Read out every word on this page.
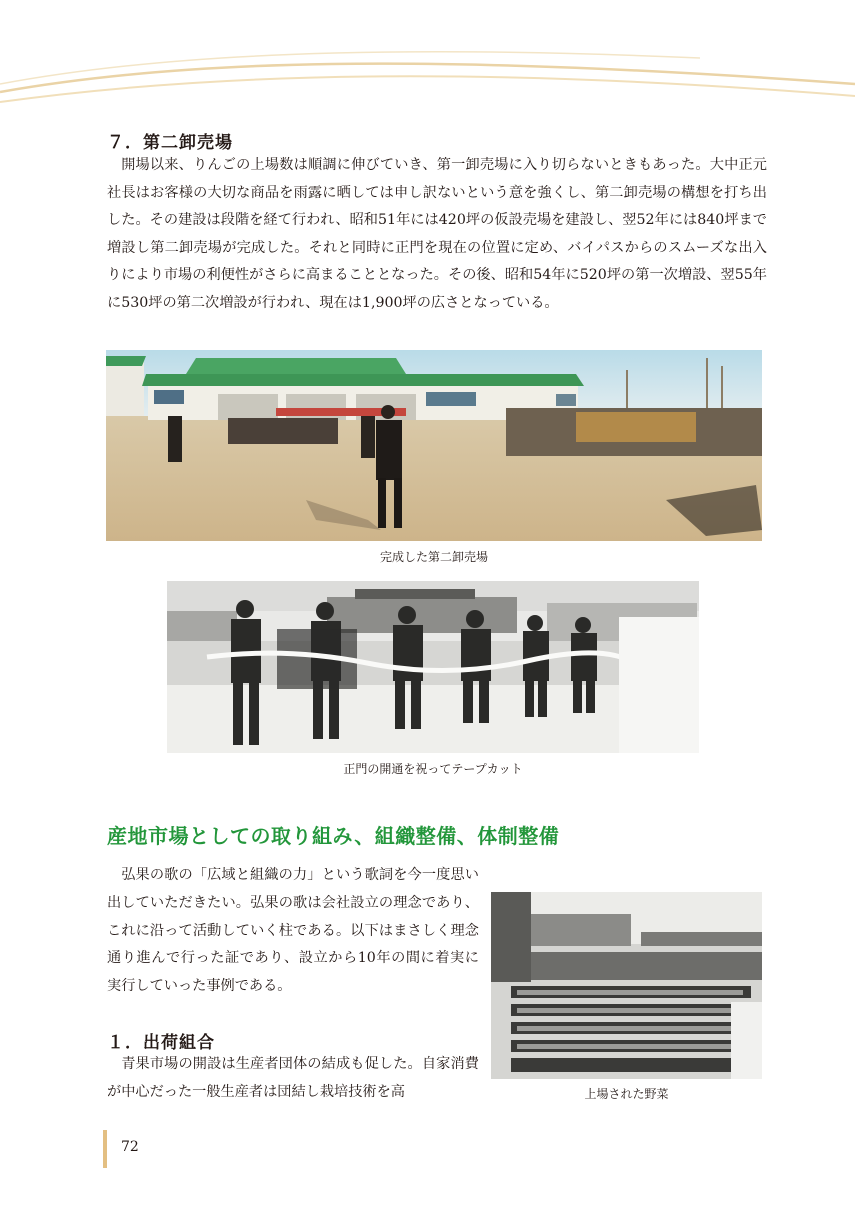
７．第二卸売場

開場以来、りんごの上場数は順調に伸びていき、第一卸売場に入り切らないときもあった。大中正元社長はお客様の大切な商品を雨露に晒しては申し訳ないという意を強くし、第二卸売場の構想を打ち出した。その建設は段階を経て行われ、昭和51年には420坪の仮設売場を建設し、翌52年には840坪まで増設し第二卸売場が完成した。それと同時に正門を現在の位置に定め、バイパスからのスムーズな出入りにより市場の利便性がさらに高まることとなった。その後、昭和54年に520坪の第一次増設、翌55年に530坪の第二次増設が行われ、現在は1,900坪の広さとなっている。

完成した第二卸売場
正門の開通を祝ってテープカット
産地市場としての取り組み、組織整備、体制整備

弘果の歌の「広域と組織の力」という歌詞を今一度思い出していただきたい。弘果の歌は会社設立の理念であり、これに沿って活動していく柱である。以下はまさしく理念通り進んで行った証であり、設立から10年の間に着実に実行していった事例である。

上場された野菜
１．出荷組合

青果市場の開設は生産者団体の結成も促した。自家消費が中心だった一般生産者は団結し栽培技術を高

72
